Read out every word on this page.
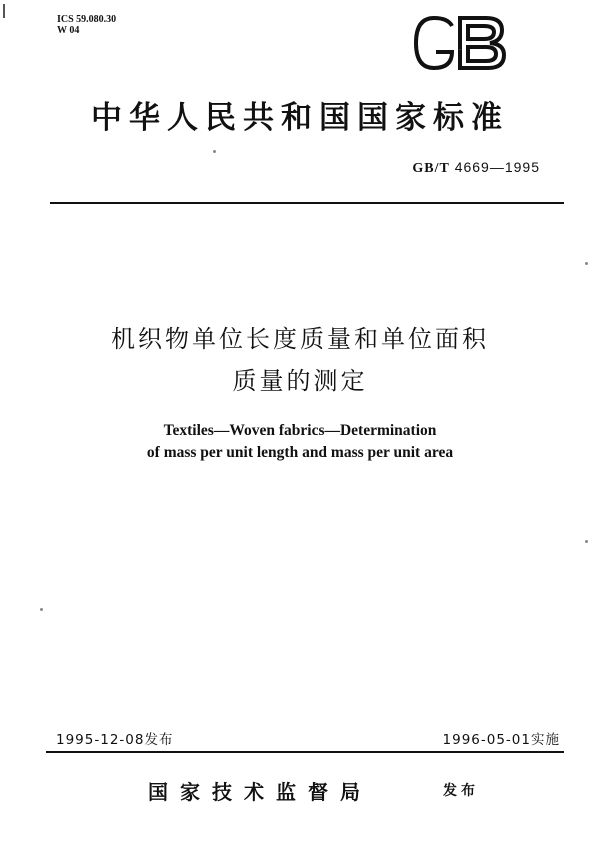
ICS 59.080.30
W 04
GB
中华人民共和国国家标准
GB/T 4669—1995
机织物单位长度质量和单位面积
质量的测定
Textiles—Woven fabrics—Determination
of mass per unit length and mass per unit area
1995-12-08发布	1996-05-01实施
国家技术监督局	发布
